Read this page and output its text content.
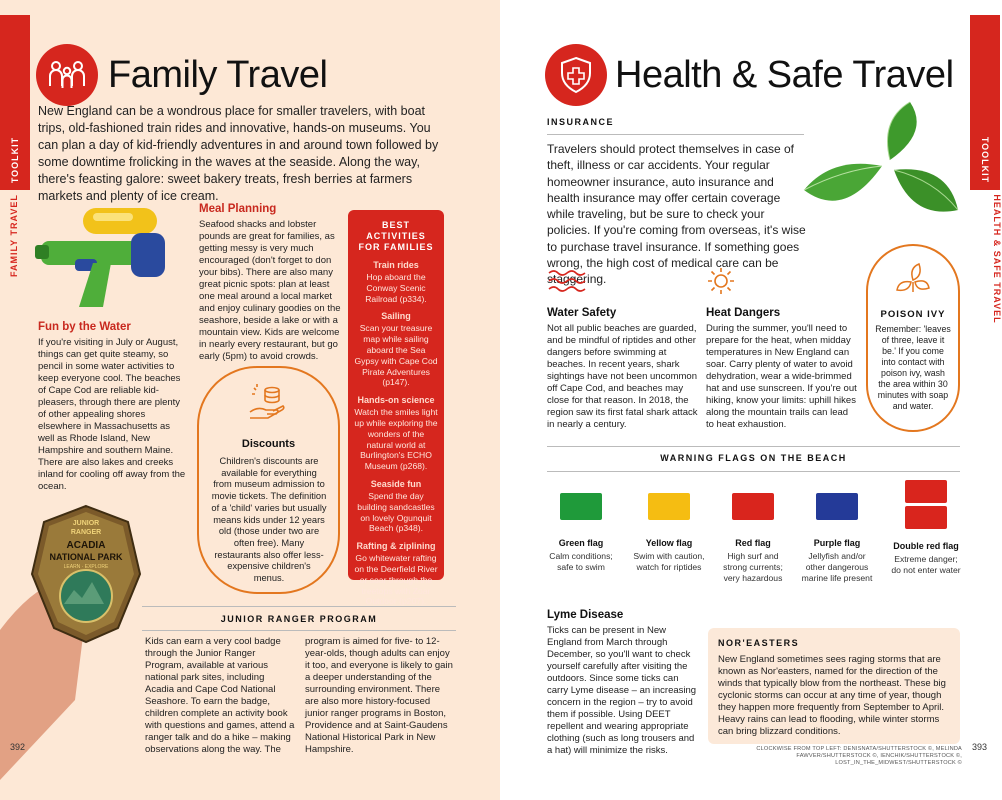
TOOLKIT
FAMILY TRAVEL
Family Travel
New England can be a wondrous place for smaller travelers, with boat trips, old-fashioned train rides and innovative, hands-on museums. You can plan a day of kid-friendly adventures in and around town followed by some downtime frolicking in the waves at the seaside. Along the way, there's feasting galore: sweet bakery treats, fresh berries at farmers markets and plenty of ice cream.
Meal Planning
Seafood shacks and lobster pounds are great for families, as getting messy is very much encouraged (don't forget to don your bibs). There are also many great picnic spots: plan at least one meal around a local market and enjoy culinary goodies on the seashore, beside a lake or with a mountain view. Kids are welcome in nearly every restaurant, but go early (5pm) to avoid crowds.
Fun by the Water
If you're visiting in July or August, things can get quite steamy, so pencil in some water activities to keep everyone cool. The beaches of Cape Cod are reliable kid-pleasers, through there are plenty of other appealing shores elsewhere in Massachusetts as well as Rhode Island, New Hampshire and southern Maine. There are also lakes and creeks inland for cooling off away from the ocean.
Discounts
Children's discounts are available for everything from museum admission to movie tickets. The definition of a 'child' varies but usually means kids under 12 years old (those under two are often free). Many restaurants also offer less-expensive children's menus.
BEST ACTIVITIES FOR FAMILIES
Train rides
Hop aboard the Conway Scenic Railroad (p334).
Sailing
Scan your treasure map while sailing aboard the Sea Gypsy with Cape Cod Pirate Adventures (p147).
Hands-on science
Watch the smiles light up while exploring the wonders of the natural world at Burlington's ECHO Museum (p268).
Seaside fun
Spend the day building sandcastles on lovely Ogunquit Beach (p348).
Rafting & ziplining
Go whitewater rafting on the Deerfield River or soar through the treetops with Zoar Outdoor (p207).
JUNIOR
RANGER
ACADIA
NATIONAL PARK
LEARN · EXPLORE
JUNIOR RANGER PROGRAM
Kids can earn a very cool badge through the Junior Ranger Program, available at various national park sites, including Acadia and Cape Cod National Seashore. To earn the badge, children complete an activity book with questions and games, attend a ranger talk and do a hike – making observations along the way. The
program is aimed for five- to 12-year-olds, though adults can enjoy it too, and everyone is likely to gain a deeper understanding of the surrounding environment. There are also more history-focused junior ranger programs in Boston, Providence and at Saint-Gaudens National Historical Park in New Hampshire.
392
TOOLKIT
HEALTH & SAFE TRAVEL
Health & Safe Travel
INSURANCE
Travelers should protect themselves in case of theft, illness or car accidents. Your regular homeowner insurance, auto insurance and health insurance may offer certain coverage while traveling, but be sure to check your policies. If you're coming from overseas, it's wise to purchase travel insurance. If something goes wrong, the high cost of medical care can be staggering.
Water Safety
Not all public beaches are guarded, and be mindful of riptides and other dangers before swimming at beaches. In recent years, shark sightings have not been uncommon off Cape Cod, and beaches may close for that reason. In 2018, the region saw its first fatal shark attack in nearly a century.
Heat Dangers
During the summer, you'll need to prepare for the heat, when midday temperatures in New England can soar. Carry plenty of water to avoid dehydration, wear a wide-brimmed hat and use sunscreen. If you're out hiking, know your limits: uphill hikes along the mountain trails can lead to heat exhaustion.
POISON IVY
Remember: 'leaves of three, leave it be.' If you come into contact with poison ivy, wash the area within 30 minutes with soap and water.
WARNING FLAGS ON THE BEACH
Green flag
Calm conditions; safe to swim
Yellow flag
Swim with caution, watch for riptides
Red flag
High surf and strong currents; very hazardous
Purple flag
Jellyfish and/or other dangerous marine life present
Double red flag
Extreme danger; do not enter water
Lyme Disease
Ticks can be present in New England from March through December, so you'll want to check yourself carefully after visiting the outdoors. Since some ticks can carry Lyme disease – an increasing concern in the region – try to avoid them if possible. Using DEET repellent and wearing appropriate clothing (such as long trousers and a hat) will minimize the risks.
NOR'EASTERS
New England sometimes sees raging storms that are known as Nor'easters, named for the direction of the winds that typically blow from the northeast. These big cyclonic storms can occur at any time of year, though they happen more frequently from September to April. Heavy rains can lead to flooding, while winter storms can bring blizzard conditions.
CLOCKWISE FROM TOP LEFT: DENISNATA/SHUTTERSTOCK ©, MELINDA FAWVER/SHUTTERSTOCK ©, IENCHIK/SHUTTERSTOCK ©, LOST_IN_THE_MIDWEST/SHUTTERSTOCK ©
393
